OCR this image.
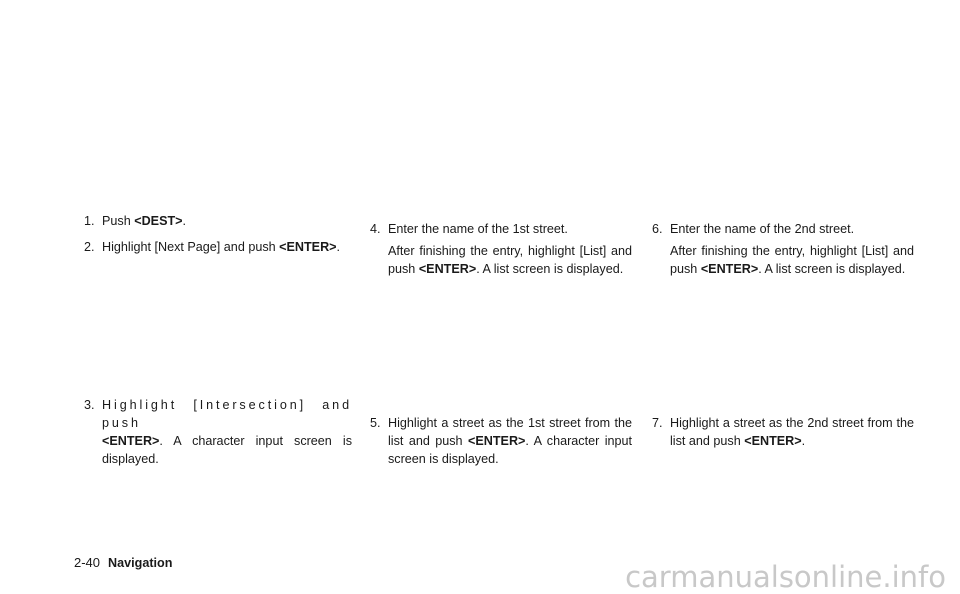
1. Push <DEST>.

2. Highlight [Next Page] and push <ENTER>.

3. Highlight [Intersection] and push
<ENTER>. A character input screen is displayed.

4. Enter the name of the 1st street.
After finishing the entry, highlight [List] and push <ENTER>. A list screen is displayed.

5. Highlight a street as the 1st street from the list and push <ENTER>. A character input screen is displayed.

6. Enter the name of the 2nd street.
After finishing the entry, highlight [List] and push <ENTER>. A list screen is displayed.

7. Highlight a street as the 2nd street from the list and push <ENTER>.

2-40 Navigation	carmanualsonline.info
